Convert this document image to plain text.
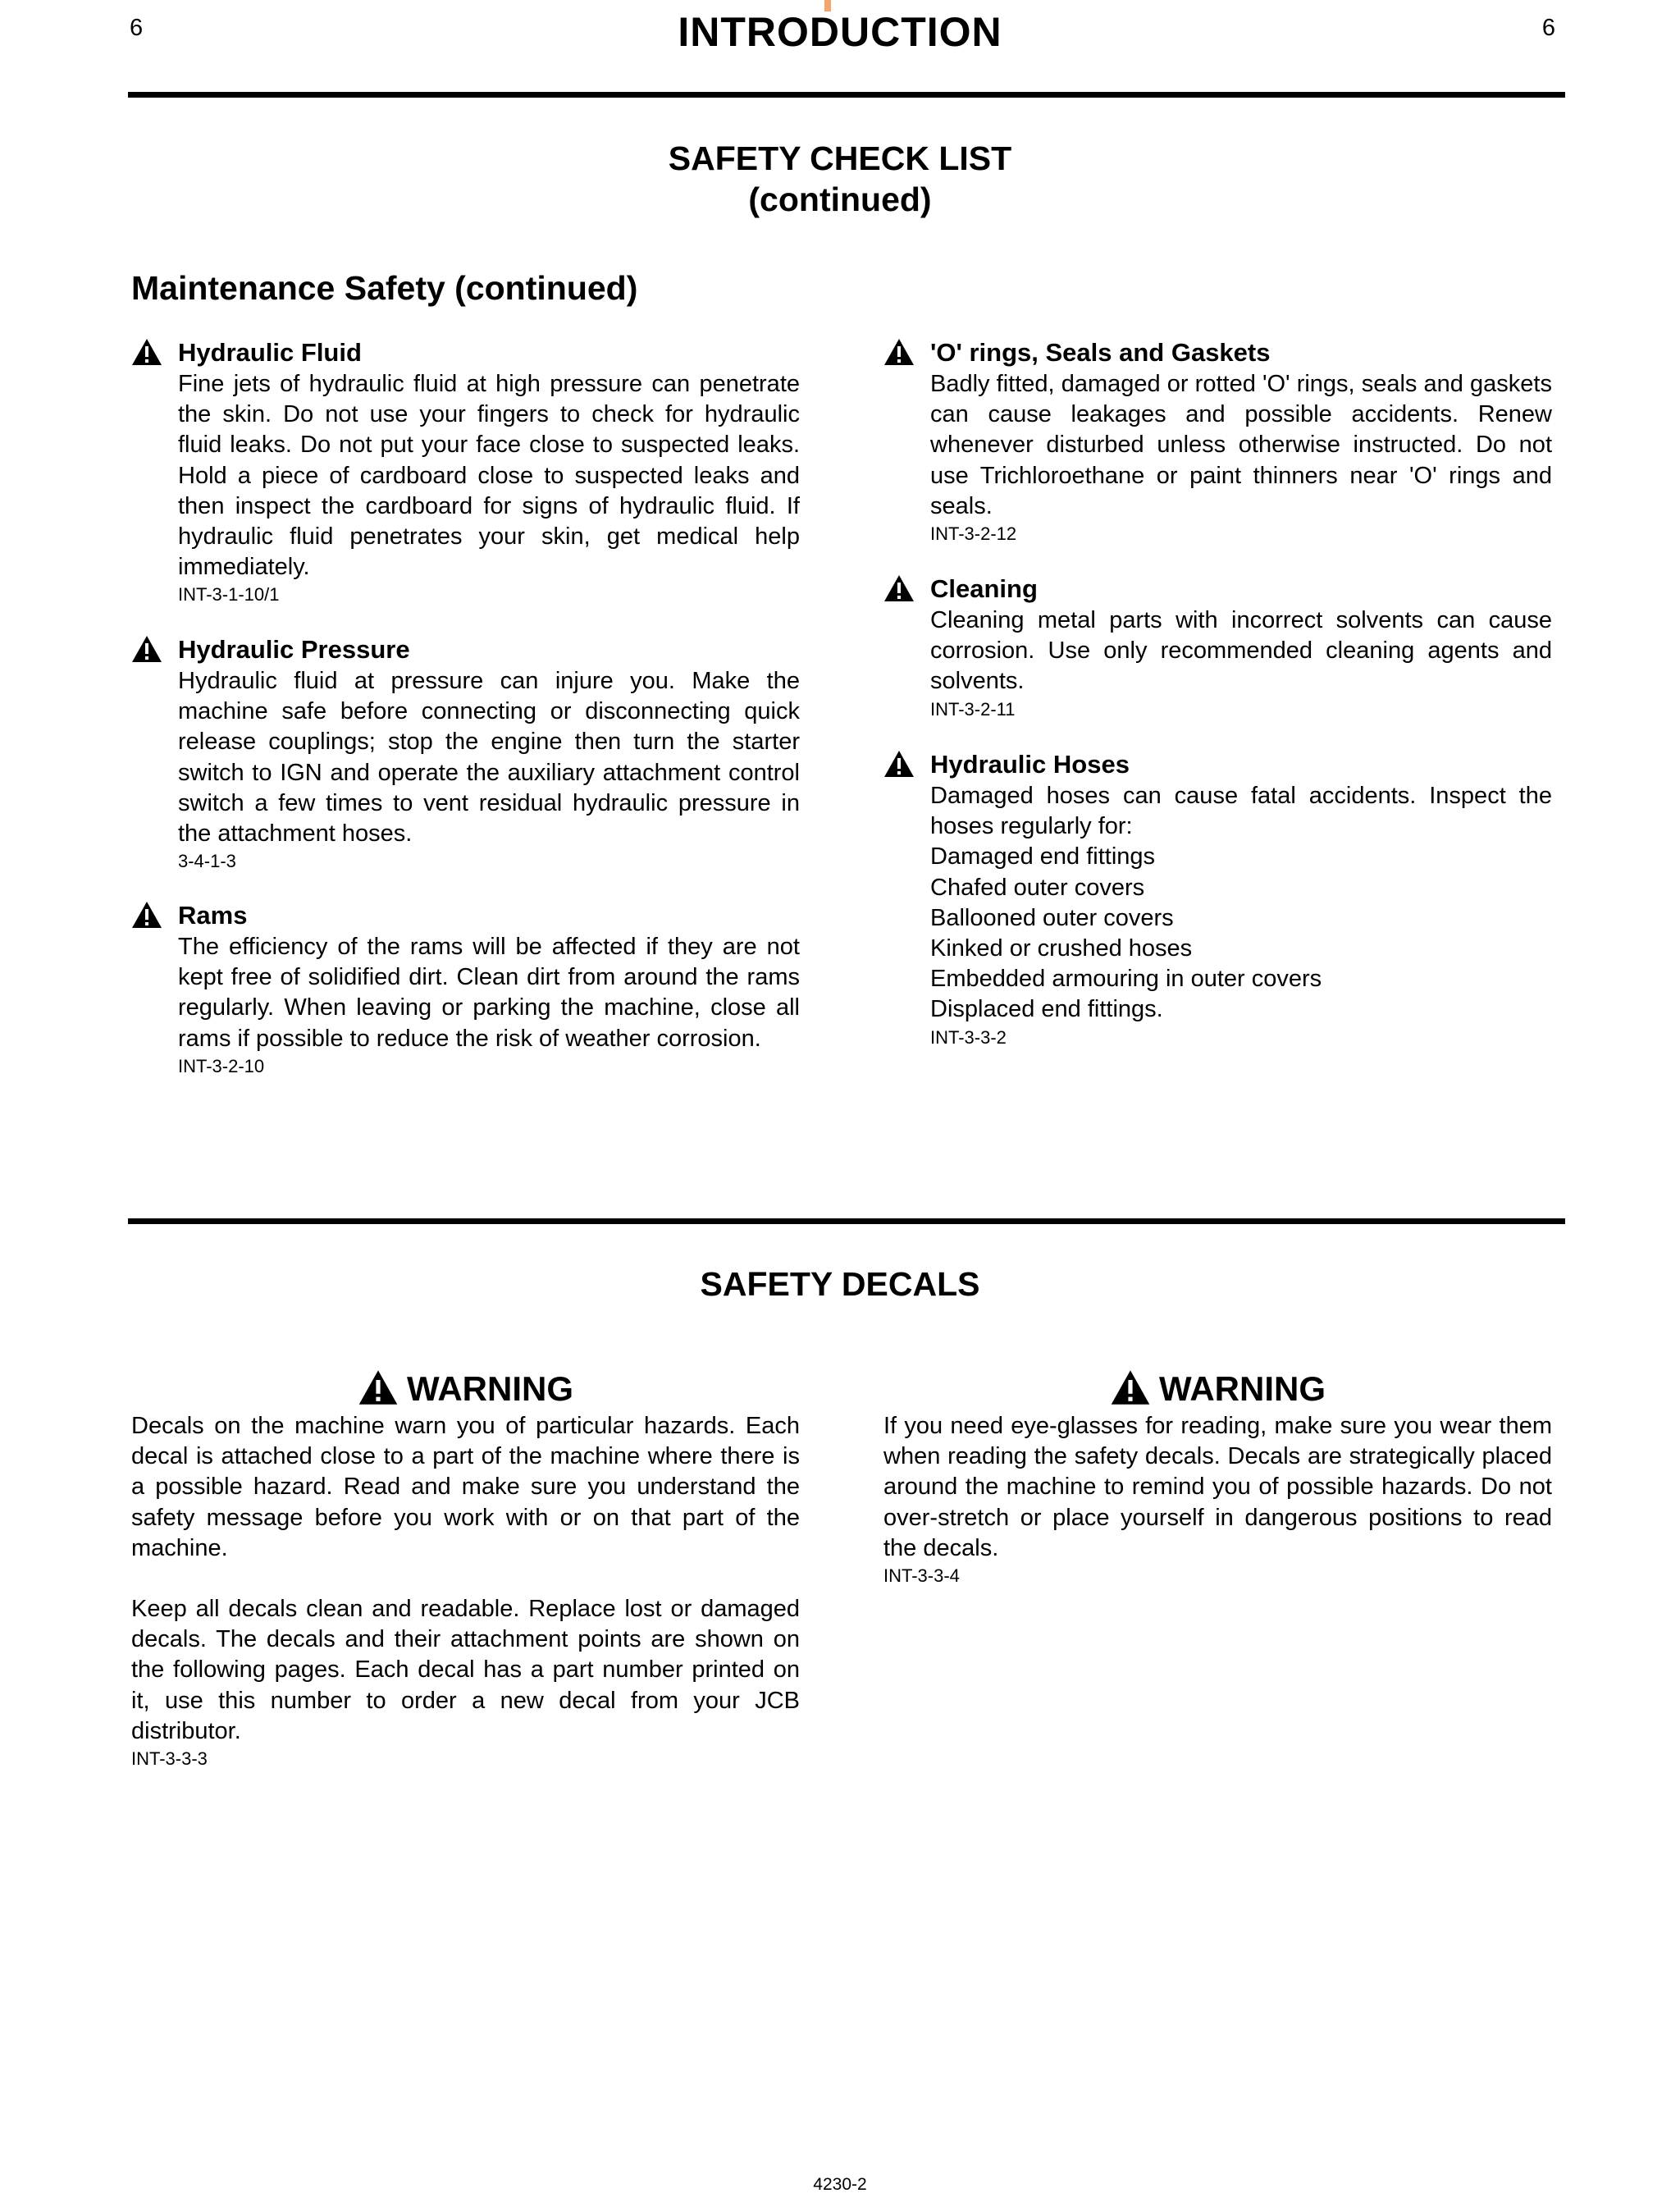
6	INTRODUCTION	6
SAFETY CHECK LIST
(continued)
Maintenance Safety (continued)
Hydraulic Fluid
Fine jets of hydraulic fluid at high pressure can penetrate the skin. Do not use your fingers to check for hydraulic fluid leaks. Do not put your face close to suspected leaks. Hold a piece of cardboard close to suspected leaks and then inspect the cardboard for signs of hydraulic fluid. If hydraulic fluid penetrates your skin, get medical help immediately.
INT-3-1-10/1
Hydraulic Pressure
Hydraulic fluid at pressure can injure you. Make the machine safe before connecting or disconnecting quick release couplings; stop the engine then turn the starter switch to IGN and operate the auxiliary attachment control switch a few times to vent residual hydraulic pressure in the attachment hoses.
3-4-1-3
Rams
The efficiency of the rams will be affected if they are not kept free of solidified dirt. Clean dirt from around the rams regularly. When leaving or parking the machine, close all rams if possible to reduce the risk of weather corrosion.
INT-3-2-10
'O' rings, Seals and Gaskets
Badly fitted, damaged or rotted 'O' rings, seals and gaskets can cause leakages and possible accidents. Renew whenever disturbed unless otherwise instructed. Do not use Trichloroethane or paint thinners near 'O' rings and seals.
INT-3-2-12
Cleaning
Cleaning metal parts with incorrect solvents can cause corrosion. Use only recommended cleaning agents and solvents.
INT-3-2-11
Hydraulic Hoses
Damaged hoses can cause fatal accidents. Inspect the hoses regularly for:
Damaged end fittings
Chafed outer covers
Ballooned outer covers
Kinked or crushed hoses
Embedded armouring in outer covers
Displaced end fittings.
INT-3-3-2
SAFETY DECALS
WARNING
Decals on the machine warn you of particular hazards. Each decal is attached close to a part of the machine where there is a possible hazard. Read and make sure you understand the safety message before you work with or on that part of the machine.
Keep all decals clean and readable. Replace lost or damaged decals. The decals and their attachment points are shown on the following pages. Each decal has a part number printed on it, use this number to order a new decal from your JCB distributor.
INT-3-3-3
WARNING
If you need eye-glasses for reading, make sure you wear them when reading the safety decals. Decals are strategically placed around the machine to remind you of possible hazards. Do not over-stretch or place yourself in dangerous positions to read the decals.
INT-3-3-4
4230-2
